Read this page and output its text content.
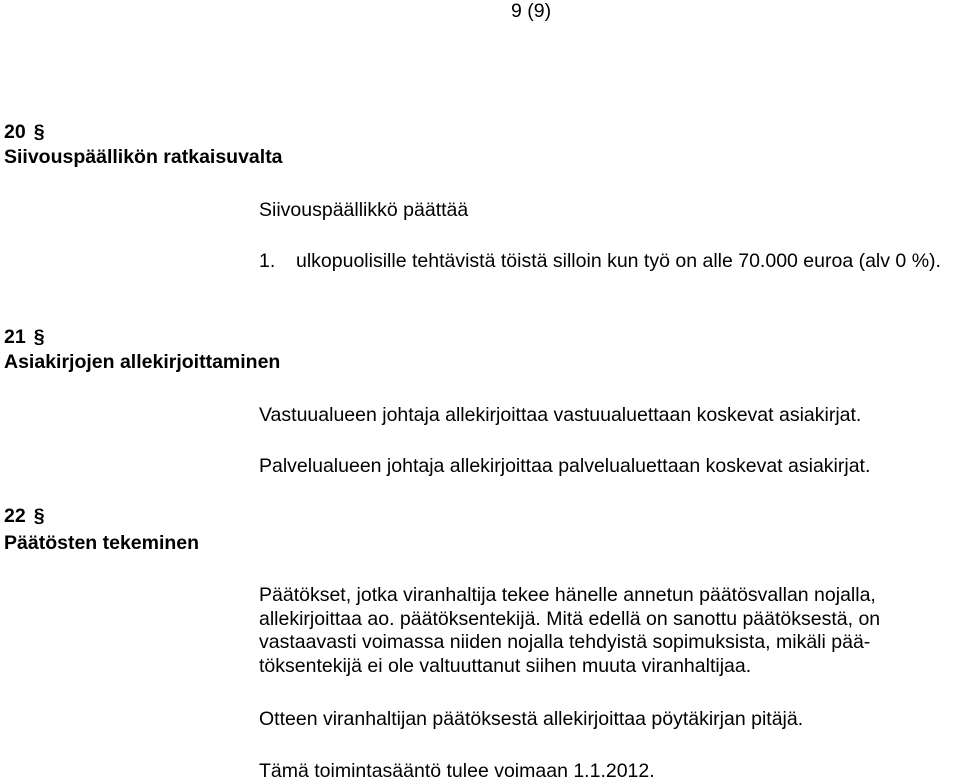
9 (9)
20 §
Siivouspäällikön ratkaisuvalta
Siivouspäällikkö päättää
1. ulkopuolisille tehtävistä töistä silloin kun työ on alle 70.000 euroa (alv 0 %).
21 §
Asiakirjojen allekirjoittaminen
Vastuualueen johtaja allekirjoittaa vastuualuettaan koskevat asiakirjat.
Palvelualueen johtaja allekirjoittaa palvelualuettaan koskevat asiakirjat.
22 §
Päätösten tekeminen
Päätökset, jotka viranhaltija tekee hänelle annetun päätösvallan nojalla, allekirjoittaa ao. päätöksentekijä. Mitä edellä on sanottu päätöksestä, on vastaavasti voimassa niiden nojalla tehdyistä sopimuksista, mikäli pää-töksentekijä ei ole valtuuttanut siihen muuta viranhaltijaa.
Otteen viranhaltijan päätöksestä allekirjoittaa pöytäkirjan pitäjä.
Tämä toimintasääntö tulee voimaan 1.1.2012.
